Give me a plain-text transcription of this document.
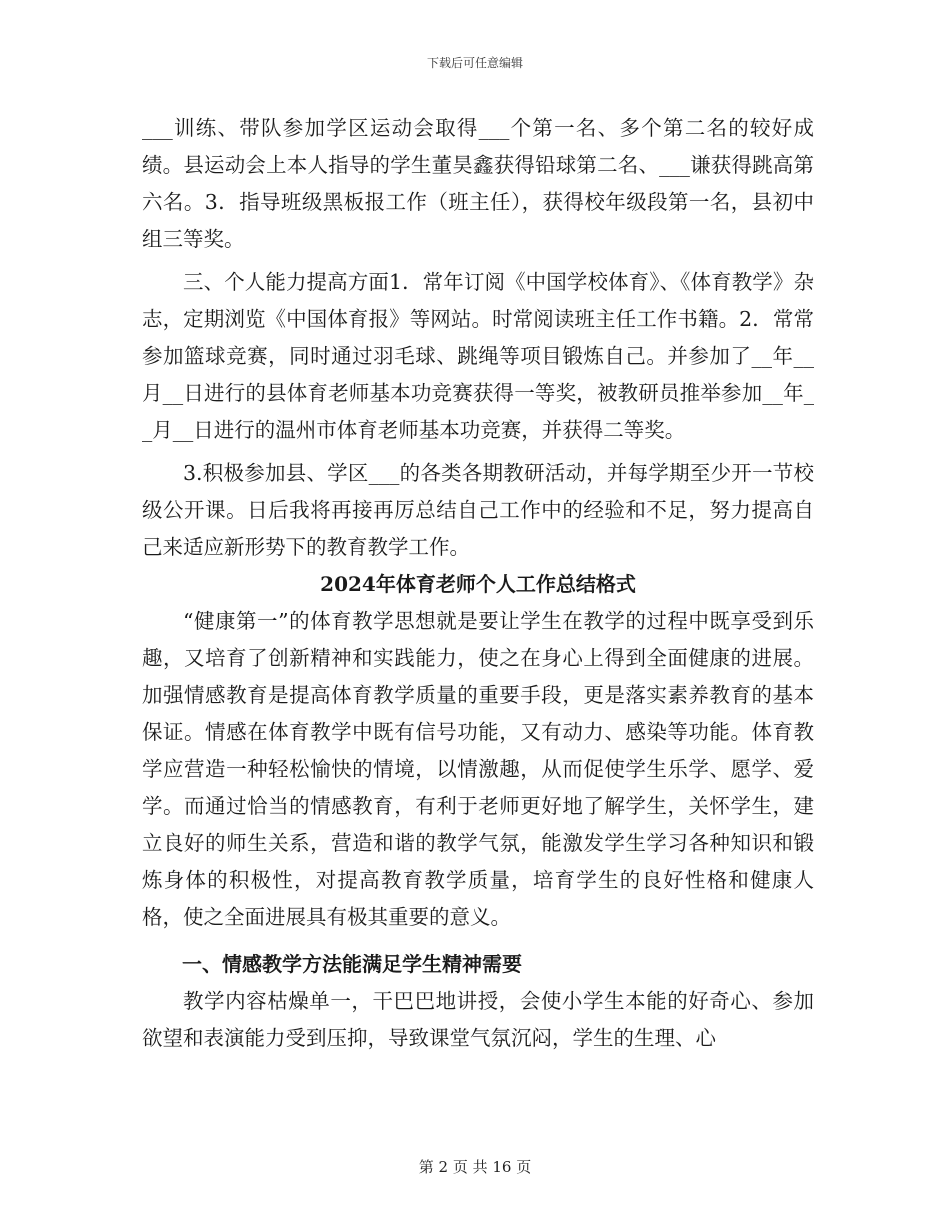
下载后可任意编辑

___训练、带队参加学区运动会取得___个第一名、多个第二名的较好成绩。县运动会上本人指导的学生董昊鑫获得铅球第二名、___谦获得跳高第六名。3．指导班级黑板报工作（班主任），获得校年级段第一名，县初中组三等奖。

三、个人能力提高方面1．常年订阅《中国学校体育》、《体育教学》杂志，定期浏览《中国体育报》等网站。时常阅读班主任工作书籍。2．常常参加篮球竞赛，同时通过羽毛球、跳绳等项目锻炼自己。并参加了__年__月__日进行的县体育老师基本功竞赛获得一等奖，被教研员推举参加__年__月__日进行的温州市体育老师基本功竞赛，并获得二等奖。

3.积极参加县、学区___的各类各期教研活动，并每学期至少开一节校级公开课。日后我将再接再厉总结自己工作中的经验和不足，努力提高自己来适应新形势下的教育教学工作。

2024年体育老师个人工作总结格式

“健康第一”的体育教学思想就是要让学生在教学的过程中既享受到乐趣，又培育了创新精神和实践能力，使之在身心上得到全面健康的进展。加强情感教育是提高体育教学质量的重要手段，更是落实素养教育的基本保证。情感在体育教学中既有信号功能，又有动力、感染等功能。体育教学应营造一种轻松愉快的情境，以情激趣，从而促使学生乐学、愿学、爱学。而通过恰当的情感教育，有利于老师更好地了解学生，关怀学生，建立良好的师生关系，营造和谐的教学气氛，能激发学生学习各种知识和锻炼身体的积极性，对提高教育教学质量，培育学生的良好性格和健康人格，使之全面进展具有极其重要的意义。

一、情感教学方法能满足学生精神需要

教学内容枯燥单一，干巴巴地讲授，会使小学生本能的好奇心、参加欲望和表演能力受到压抑，导致课堂气氛沉闷，学生的生理、心

第 2 页 共 16 页
